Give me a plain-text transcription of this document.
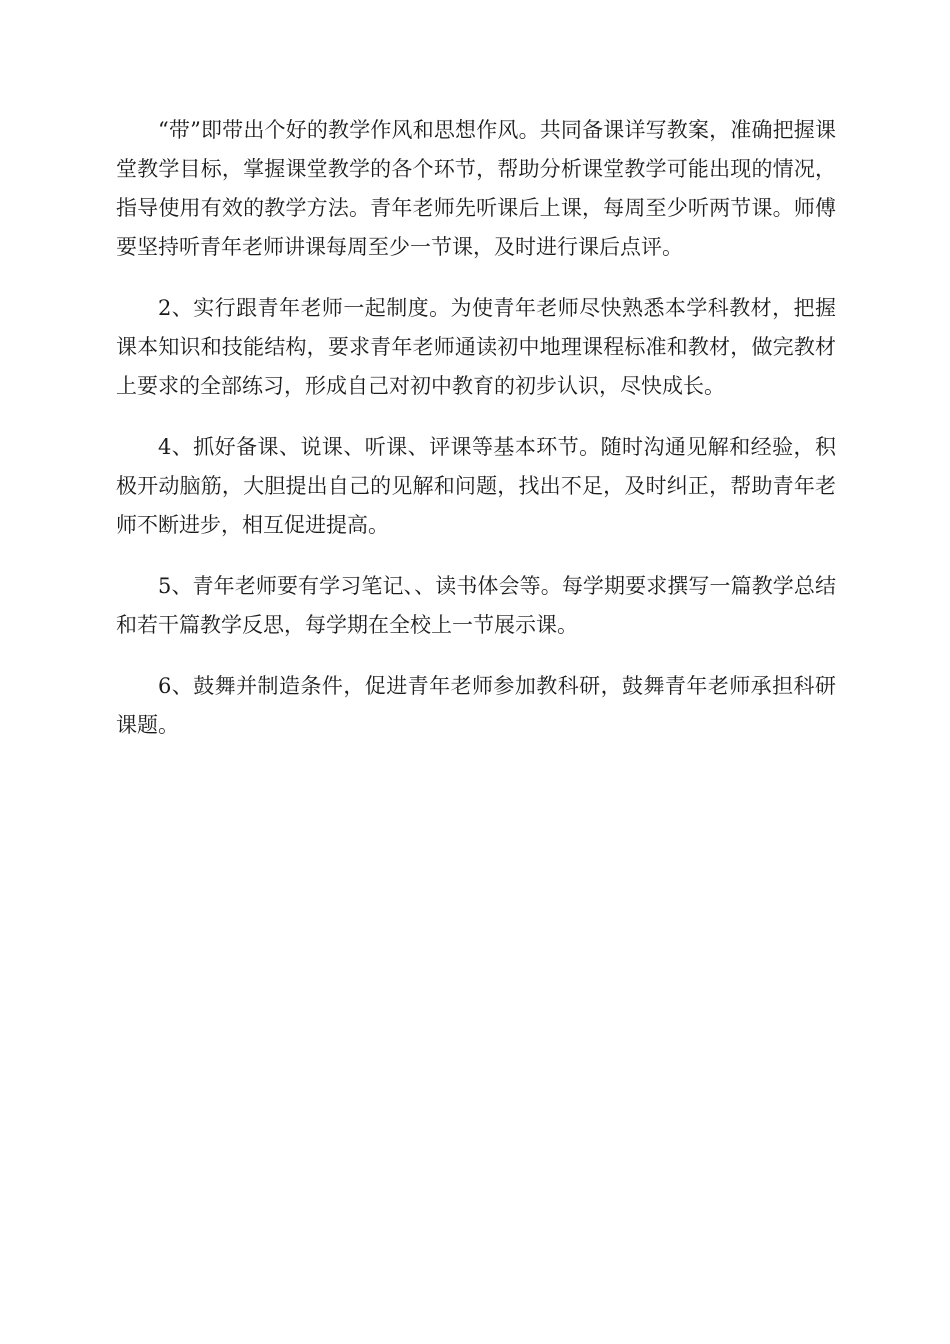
“带”即带出个好的教学作风和思想作风。共同备课详写教案，准确把握课堂教学目标，掌握课堂教学的各个环节，帮助分析课堂教学可能出现的情况，指导使用有效的教学方法。青年老师先听课后上课，每周至少听两节课。师傅要坚持听青年老师讲课每周至少一节课，及时进行课后点评。

2、实行跟青年老师一起制度。为使青年老师尽快熟悉本学科教材，把握课本知识和技能结构，要求青年老师通读初中地理课程标准和教材，做完教材上要求的全部练习，形成自己对初中教育的初步认识，尽快成长。

4、抓好备课、说课、听课、评课等基本环节。随时沟通见解和经验，积极开动脑筋，大胆提出自己的见解和问题，找出不足，及时纠正，帮助青年老师不断进步，相互促进提高。

5、青年老师要有学习笔记、、读书体会等。每学期要求撰写一篇教学总结和若干篇教学反思，每学期在全校上一节展示课。

6、鼓舞并制造条件，促进青年老师参加教科研，鼓舞青年老师承担科研课题。
